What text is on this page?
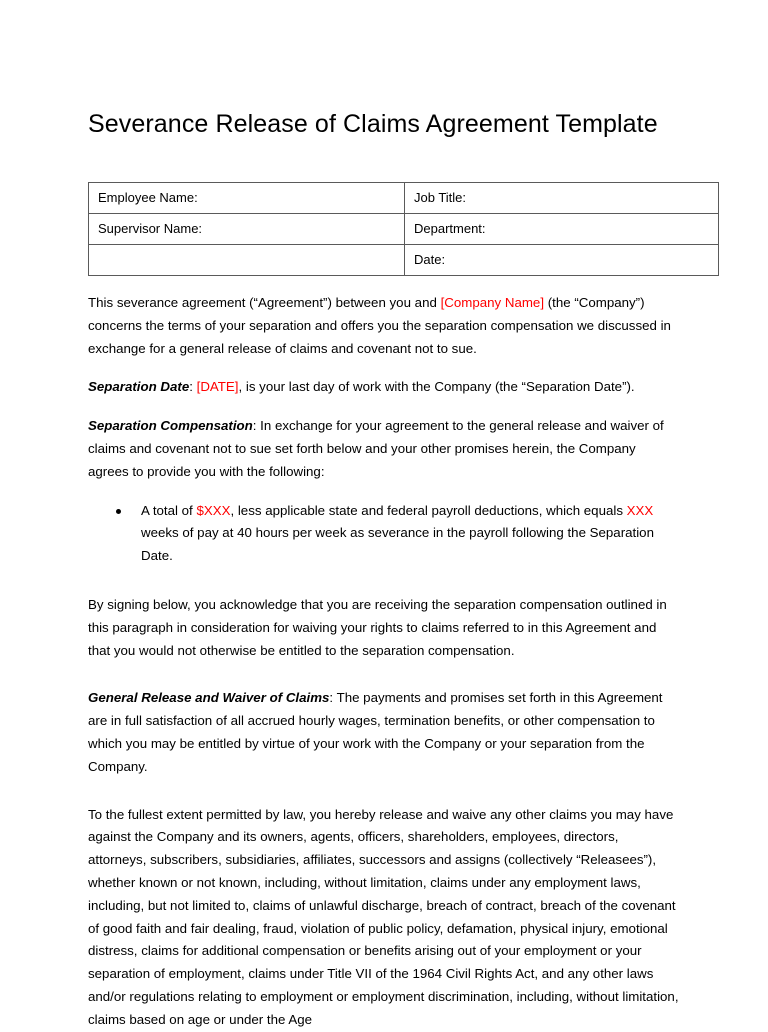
Severance Release of Claims Agreement Template
Employee Name:	Job Title:
Supervisor Name:	Department:
	Date:

This severance agreement (“Agreement”) between you and [Company Name] (the “Company”) concerns the terms of your separation and offers you the separation compensation we discussed in exchange for a general release of claims and covenant not to sue.

Separation Date: [DATE], is your last day of work with the Company (the “Separation Date”).

Separation Compensation: In exchange for your agreement to the general release and waiver of claims and covenant not to sue set forth below and your other promises herein, the Company agrees to provide you with the following:

A total of $XXX, less applicable state and federal payroll deductions, which equals XXX weeks of pay at 40 hours per week as severance in the payroll following the Separation Date.

By signing below, you acknowledge that you are receiving the separation compensation outlined in this paragraph in consideration for waiving your rights to claims referred to in this Agreement and that you would not otherwise be entitled to the separation compensation.

General Release and Waiver of Claims: The payments and promises set forth in this Agreement are in full satisfaction of all accrued hourly wages, termination benefits, or other compensation to which you may be entitled by virtue of your work with the Company or your separation from the Company.

To the fullest extent permitted by law, you hereby release and waive any other claims you may have against the Company and its owners, agents, officers, shareholders, employees, directors, attorneys, subscribers, subsidiaries, affiliates, successors and assigns (collectively “Releasees”), whether known or not known, including, without limitation, claims under any employment laws, including, but not limited to, claims of unlawful discharge, breach of contract, breach of the covenant of good faith and fair dealing, fraud, violation of public policy, defamation, physical injury, emotional distress, claims for additional compensation or benefits arising out of your employment or your separation of employment, claims under Title VII of the 1964 Civil Rights Act, and any other laws and/or regulations relating to employment or employment discrimination, including, without limitation, claims based on age or under the Age
